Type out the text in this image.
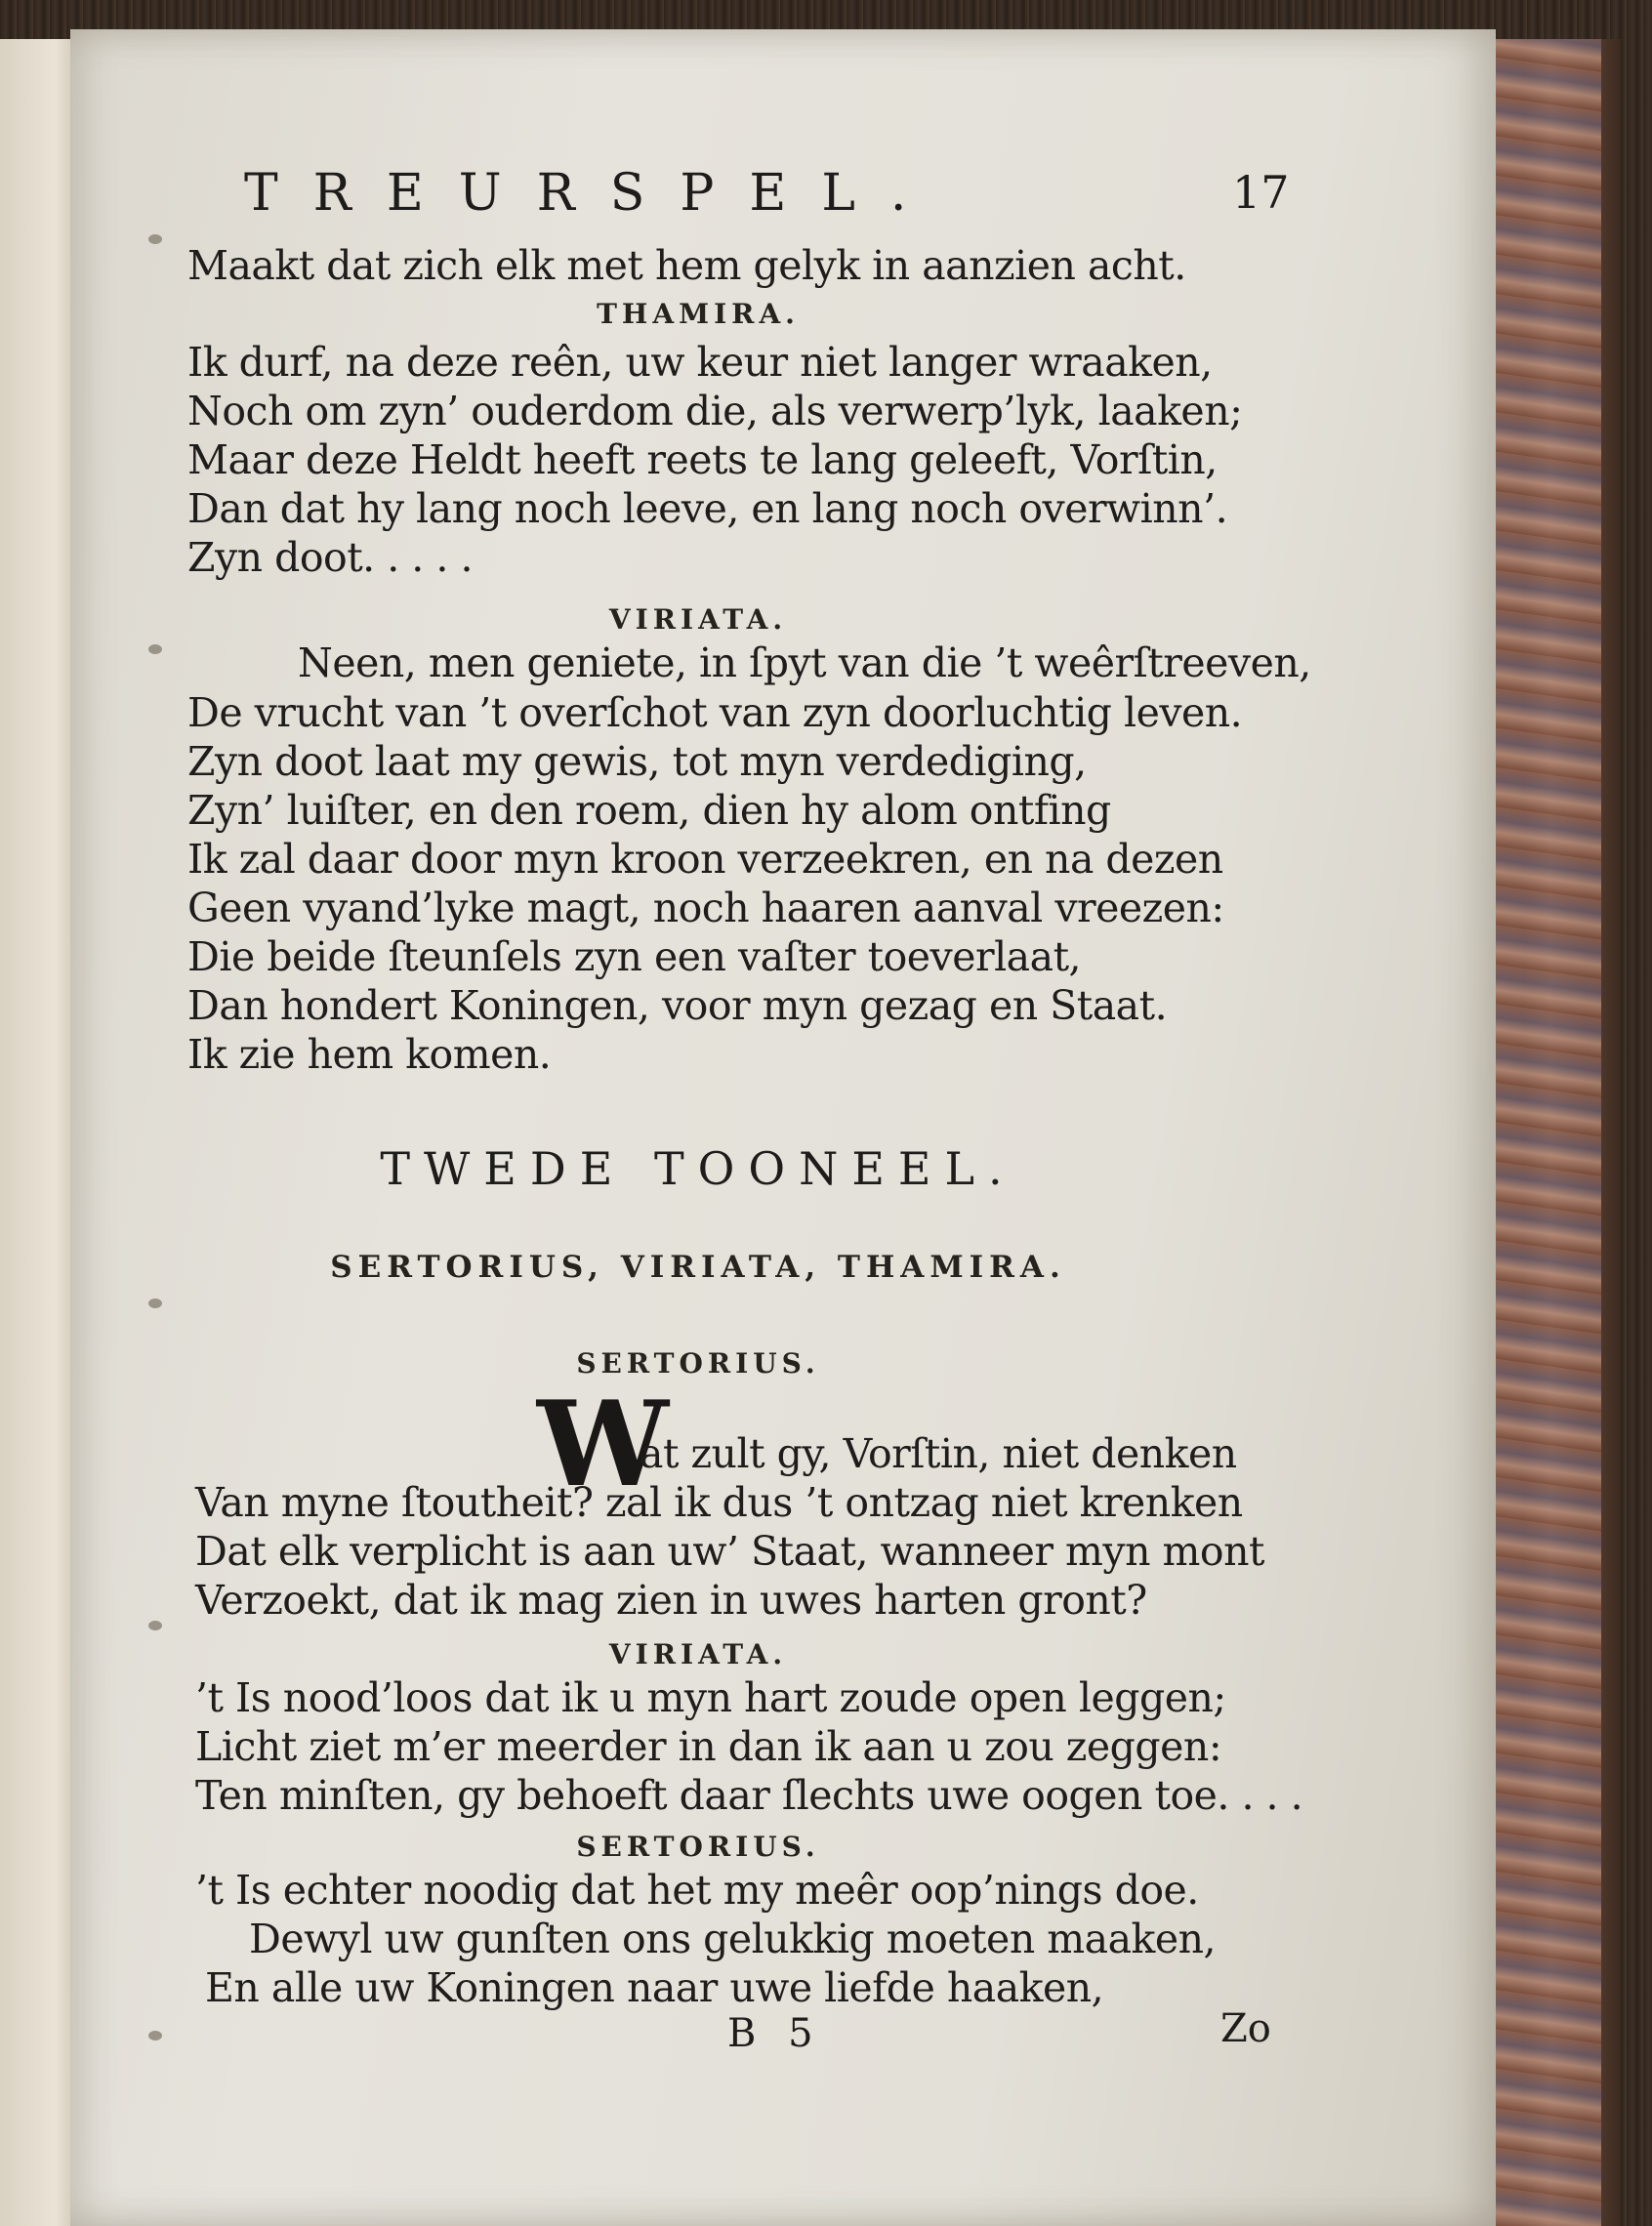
TREURSPEL.	17
Maakt dat zich elk met hem gelyk in aanzien acht.
THAMIRA.
Ik durf, na deze reên, uw keur niet langer wraaken,
Noch om zyn’ ouderdom die, als verwerp’lyk, laaken;
Maar deze Heldt heeft reets te lang geleeft, Vorſtin,
Dan dat hy lang noch leeve, en lang noch overwinn’.
Zyn doot. . . . .
VIRIATA.
Neen, men geniete, in ſpyt van die ’t weêrſtreeven,
De vrucht van ’t overſchot van zyn doorluchtig leven.
Zyn doot laat my gewis, tot myn verdediging,
Zyn’ luiſter, en den roem, dien hy alom ontfing
Ik zal daar door myn kroon verzeekren, en na dezen
Geen vyand’lyke magt, noch haaren aanval vreezen:
Die beide ſteunſels zyn een vaſter toeverlaat,
Dan hondert Koningen, voor myn gezag en Staat.
Ik zie hem komen.
TWEDE TOONEEL.
SERTORIUS, VIRIATA, THAMIRA.
SERTORIUS.
W
at zult gy, Vorſtin, niet denken
Van myne ſtoutheit? zal ik dus ’t ontzag niet krenken
Dat elk verplicht is aan uw’ Staat, wanneer myn mont
Verzoekt, dat ik mag zien in uwes harten gront?
VIRIATA.
’t Is nood’loos dat ik u myn hart zoude open leggen;
Licht ziet m’er meerder in dan ik aan u zou zeggen:
Ten minſten, gy behoeft daar ſlechts uwe oogen toe. . . .
SERTORIUS.
’t Is echter noodig dat het my meêr oop’nings doe.
Dewyl uw gunſten ons gelukkig moeten maaken,
En alle uw Koningen naar uwe liefde haaken,
B 5	Zo
